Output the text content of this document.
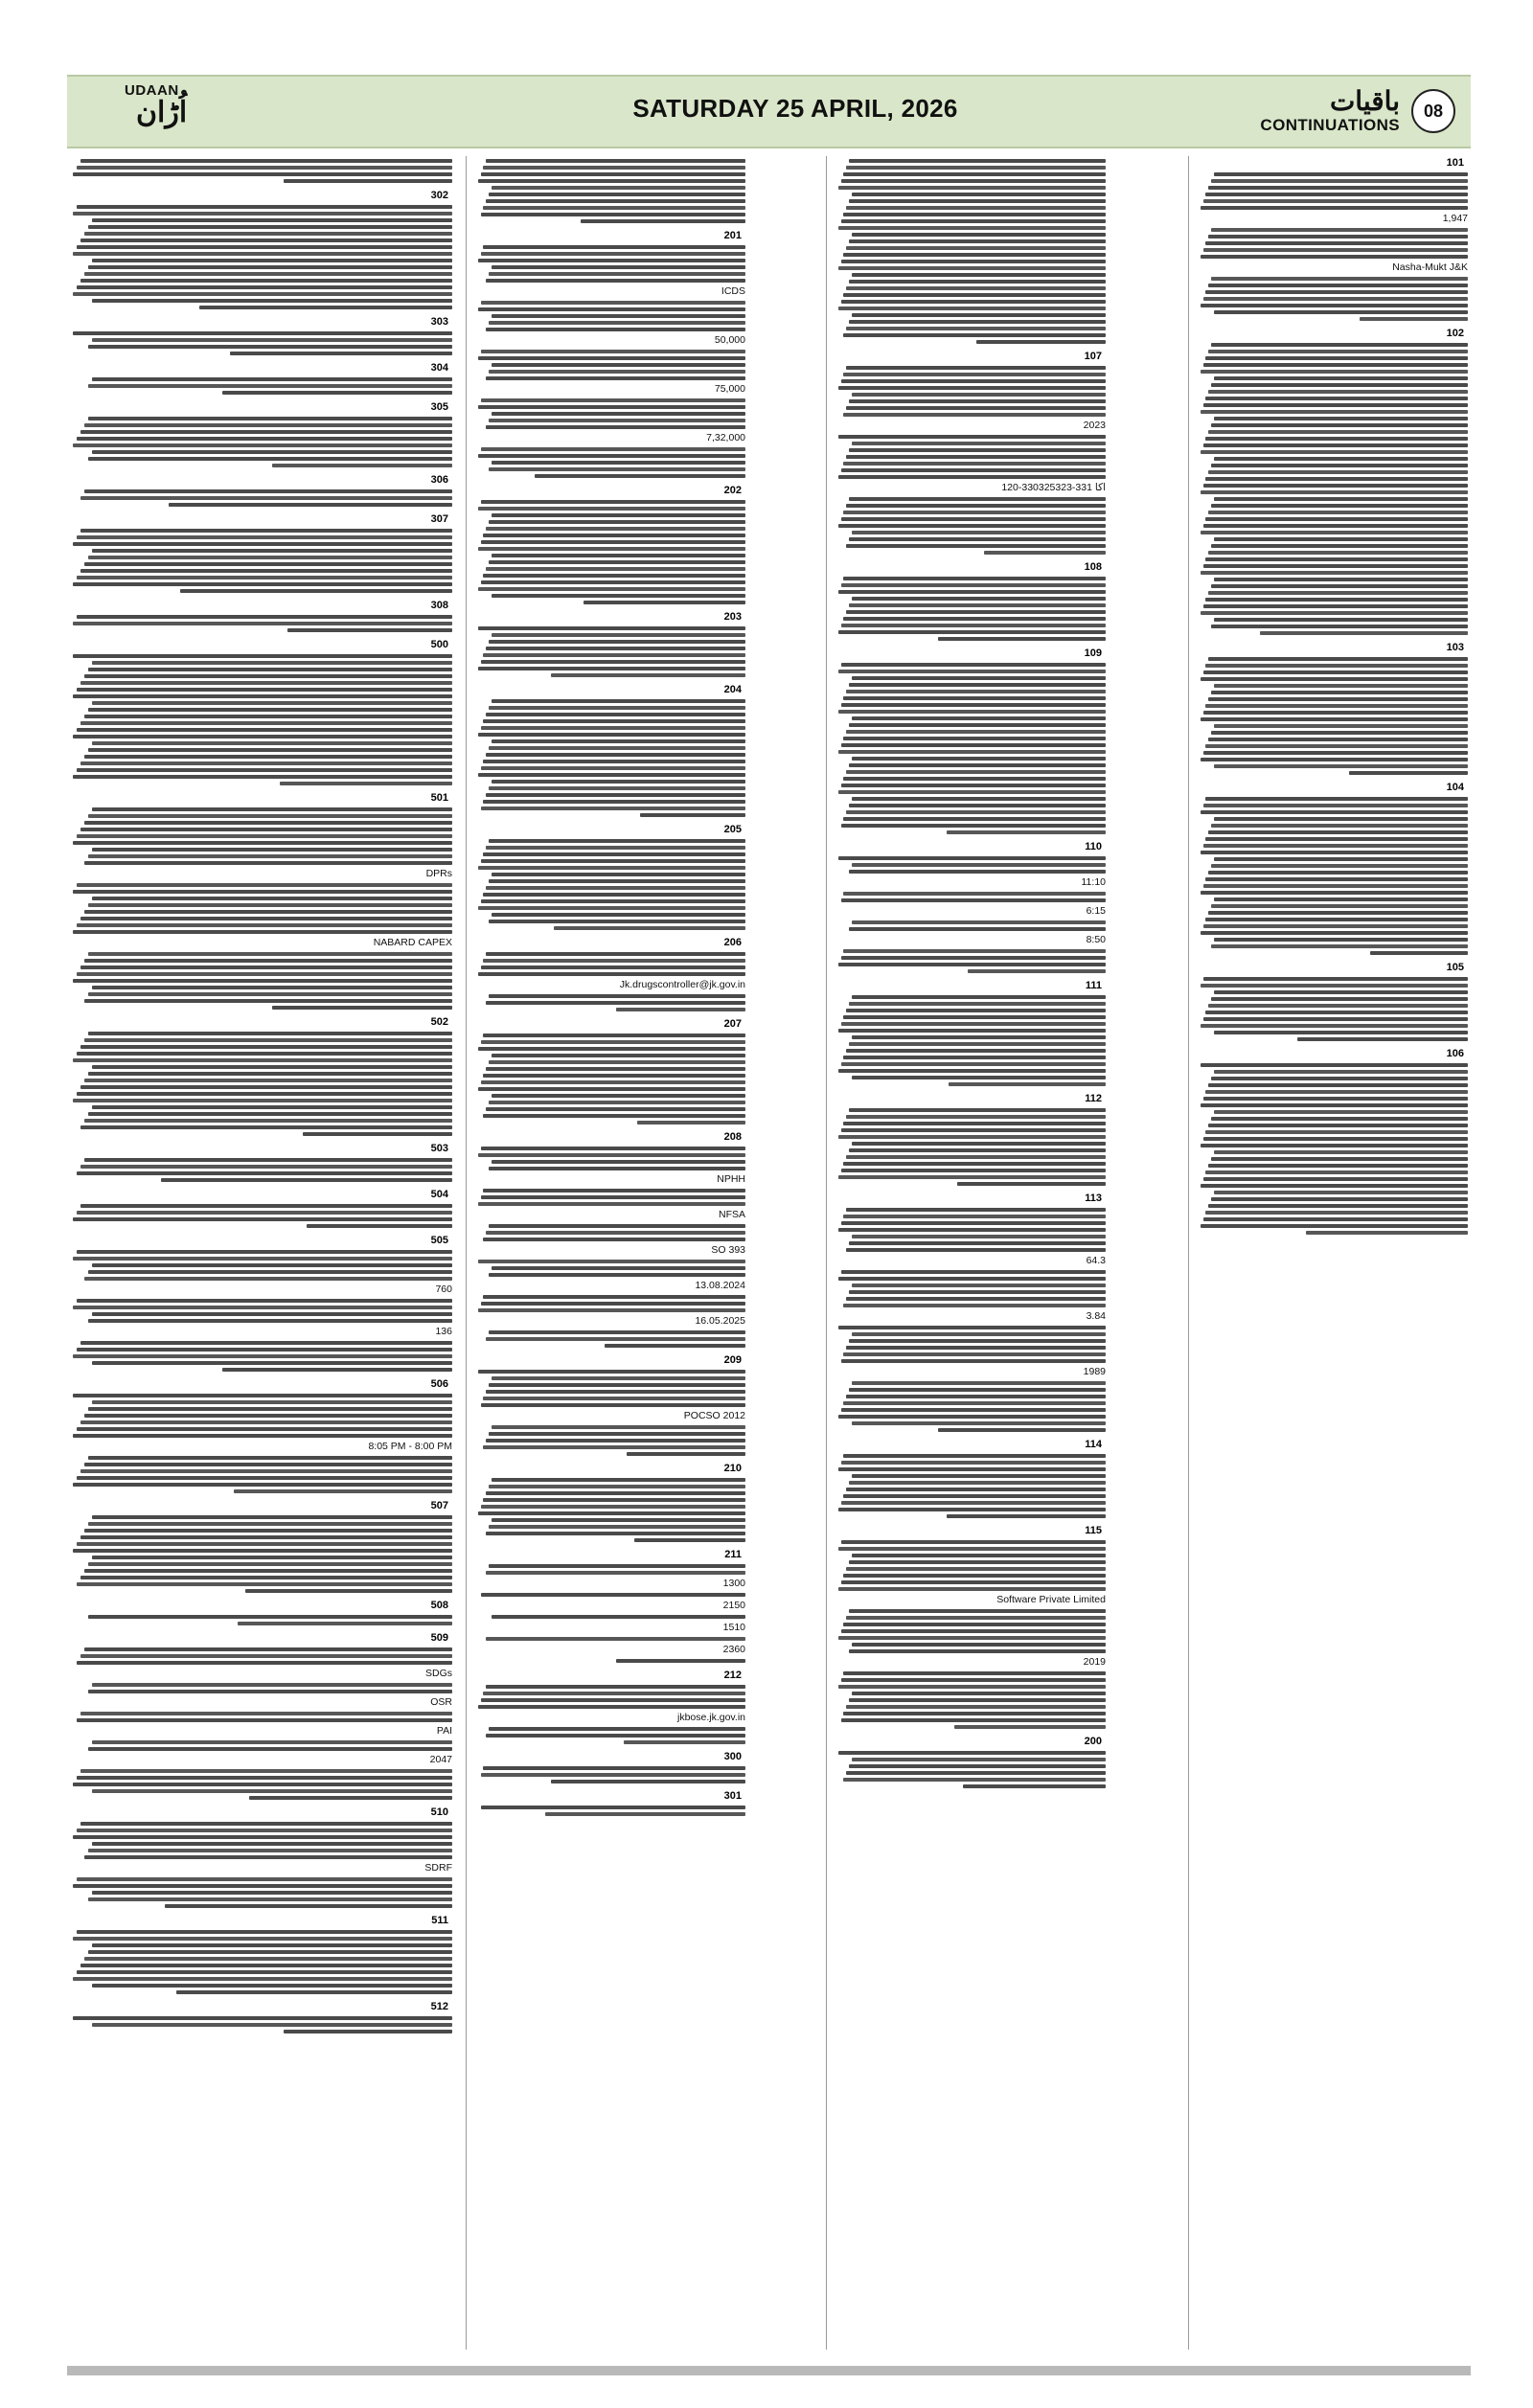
UDAAN
اُڑان	SATURDAY 25 APRIL, 2026	باقیات
CONTINUATIONS
08
101
1,947
Nasha-Mukt J&K
102
103
104
105
106
107
2023
120-اکا 331-330325323
108
109
110
11:10
6:15
8:50
111
112
113
64.3
3.84
1989
114
115
Software Private Limited
2019
200
201
ICDS
50,000
75,000
7,32,000
202
203
204
205
206
Jk.drugscontroller@jk.gov.in
207
208
NPHH
NFSA
SO 393
13.08.2024
16.05.2025
209
POCSO 2012
210
211
1300
2150
1510
2360
212
jkbose.jk.gov.in
300
301
302
303
304
305
306
307
308
500
501
DPRs
NABARD CAPEX
502
503
504
505
760
136
506
8:05 PM - 8:00 PM
507
508
509
SDGs
OSR
PAI
2047
510
SDRF
511
512
